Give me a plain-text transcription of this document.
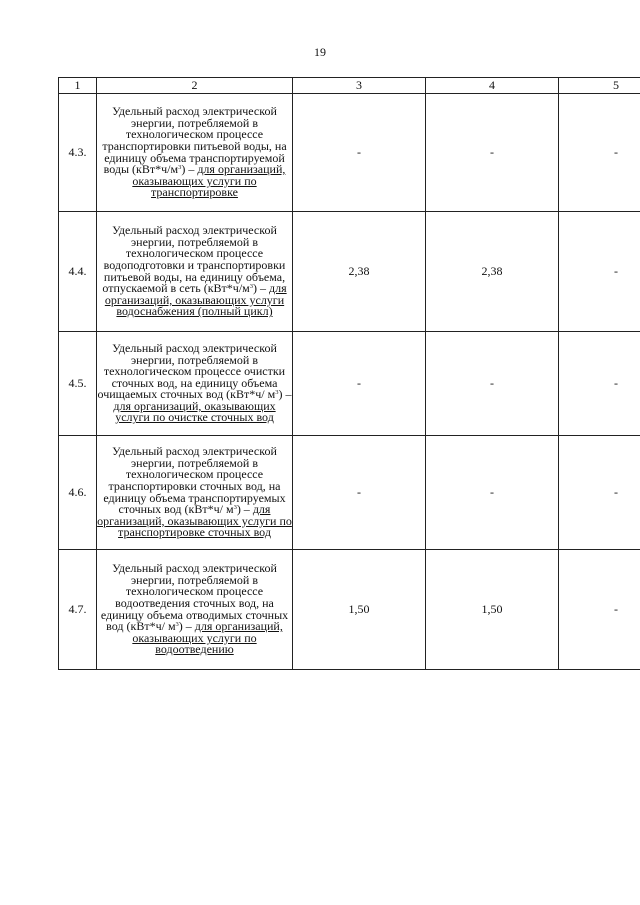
19
1	2	3	4	5
4.3.	Удельный расход электрической энергии, потребляемой в технологическом процессе транспортировки питьевой воды, на единицу объема транспортируемой воды $(кВт*ч/м^3)$ – для организаций, оказывающих услуги по транспортировке	-	-	-
4.4.	Удельный расход электрической энергии, потребляемой в технологическом процессе водоподготовки и транспортировки питьевой воды, на единицу объема, отпускаемой в сеть $(кВт*ч/м^3)$ – для организаций, оказывающих услуги водоснабжения (полный цикл)	2,38	2,38	-
4.5.	Удельный расход электрической энергии, потребляемой в технологическом процессе очистки сточных вод, на единицу объема очищаемых сточных вод (кВт*ч/ $м^3$) – для организаций, оказывающих услуги по очистке сточных вод	-	-	-
4.6.	Удельный расход электрической энергии, потребляемой в технологическом процессе транспортировки сточных вод, на единицу объема транспортируемых сточных вод (кВт*ч/ $м^3$) – для организаций, оказывающих услуги по транспортировке сточных вод	-	-	-
4.7.	Удельный расход электрической энергии, потребляемой в технологическом процессе водоотведения сточных вод, на единицу объема отводимых сточных вод (кВт*ч/ $м^3$) – для организаций, оказывающих услуги по водоотведению	1,50	1,50	-
